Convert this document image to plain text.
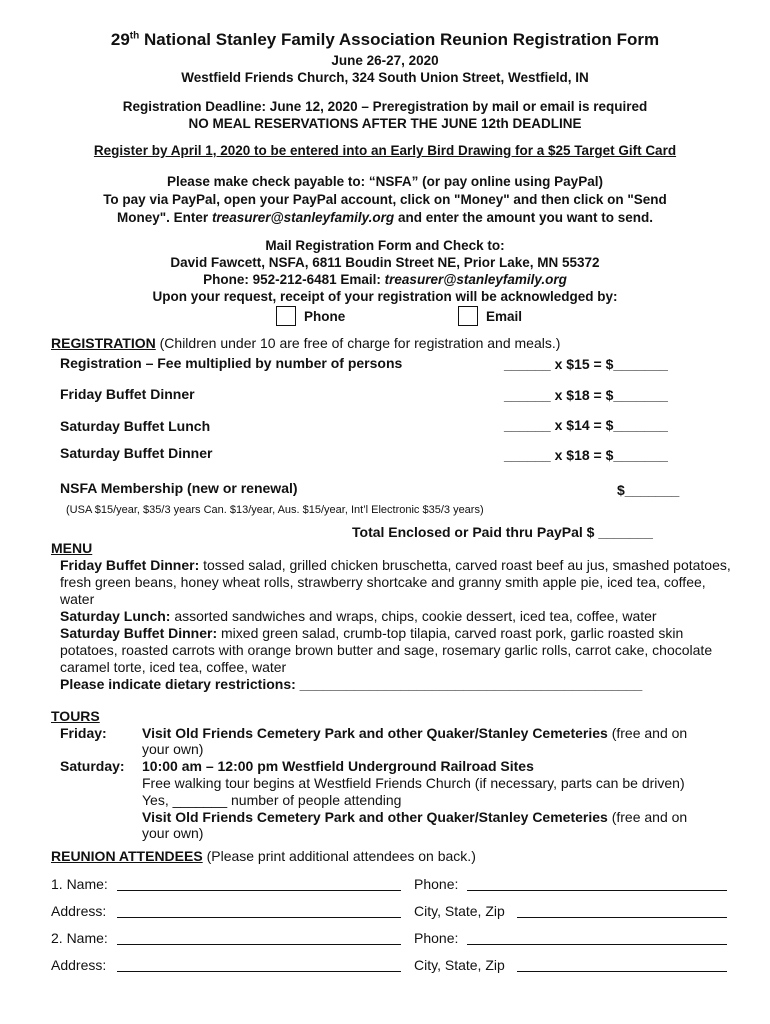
29th National Stanley Family Association Reunion Registration Form
June 26-27, 2020
Westfield Friends Church, 324 South Union Street, Westfield, IN
Registration Deadline: June 12, 2020 – Preregistration by mail or email is required
NO MEAL RESERVATIONS AFTER THE JUNE 12th DEADLINE
Register by April 1, 2020 to be entered into an Early Bird Drawing for a $25 Target Gift Card
Please make check payable to: “NSFA” (or pay online using PayPal)
To pay via PayPal, open your PayPal account, click on "Money" and then click on "Send
Money". Enter treasurer@stanleyfamily.org and enter the amount you want to send.
Mail Registration Form and Check to:
David Fawcett, NSFA, 6811 Boudin Street NE, Prior Lake, MN 55372
Phone: 952-212-6481 Email: treasurer@stanleyfamily.org
Upon your request, receipt of your registration will be acknowledged by:
Phone	Email
REGISTRATION (Children under 10 are free of charge for registration and meals.)
Registration – Fee multiplied by number of persons	______ x $15 = $_______
Friday Buffet Dinner	______ x $18 = $_______
Saturday Buffet Lunch	______ x $14 = $_______
Saturday Buffet Dinner	______ x $18 = $_______
NSFA Membership (new or renewal)	$_______
(USA $15/year, $35/3 years Can. $13/year, Aus. $15/year, Int’l Electronic $35/3 years)
Total Enclosed or Paid thru PayPal $ _______
MENU
Friday Buffet Dinner: tossed salad, grilled chicken bruschetta, carved roast beef au jus, smashed potatoes, fresh green beans, honey wheat rolls, strawberry shortcake and granny smith apple pie, iced tea, coffee, water
Saturday Lunch: assorted sandwiches and wraps, chips, cookie dessert, iced tea, coffee, water
Saturday Buffet Dinner: mixed green salad, crumb-top tilapia, carved roast pork, garlic roasted skin potatoes, roasted carrots with orange brown butter and sage, rosemary garlic rolls, carrot cake, chocolate caramel torte, iced tea, coffee, water
Please indicate dietary restrictions: ____________________________________________
TOURS
Friday:	Visit Old Friends Cemetery Park and other Quaker/Stanley Cemeteries (free and on
your own)
Saturday: 10:00 am – 12:00 pm Westfield Underground Railroad Sites
Free walking tour begins at Westfield Friends Church (if necessary, parts can be driven)
Yes, _______ number of people attending
Visit Old Friends Cemetery Park and other Quaker/Stanley Cemeteries (free and on
your own)
REUNION ATTENDEES (Please print additional attendees on back.)
1. Name:	Phone:
Address:	City, State, Zip
2. Name:	Phone:
Address:	City, State, Zip
